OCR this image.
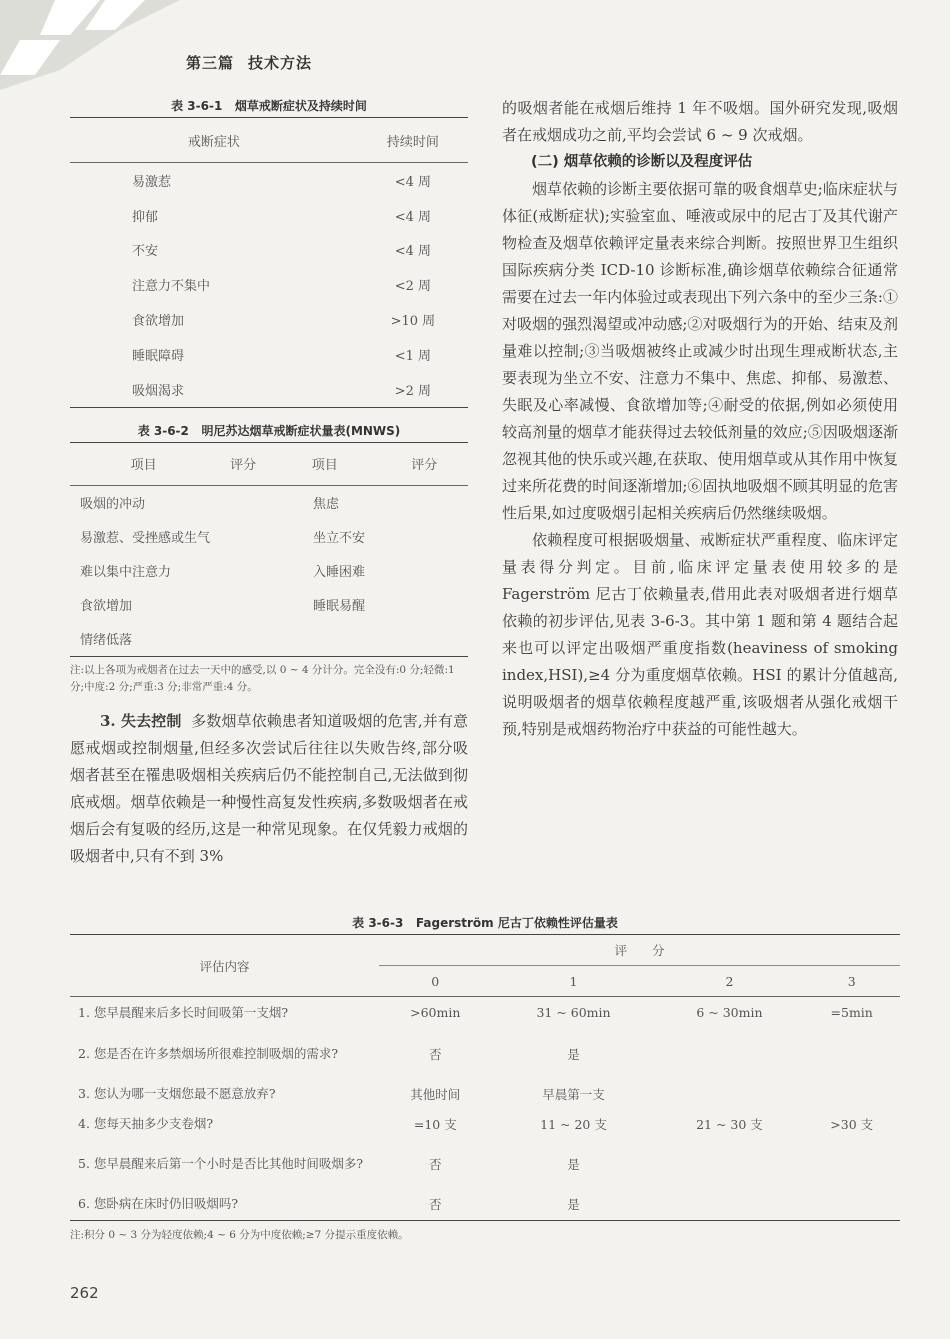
第三篇 技术方法
表 3-6-1 烟草戒断症状及持续时间
戒断症状	持续时间
易激惹	<4 周
抑郁	<4 周
不安	<4 周
注意力不集中	<2 周
食欲增加	>10 周
睡眠障碍	<1 周
吸烟渴求	>2 周
表 3-6-2 明尼苏达烟草戒断症状量表(MNWS)
项目	评分	项目	评分
吸烟的冲动		焦虑	
易激惹、受挫感或生气		坐立不安	
难以集中注意力		入睡困难	
食欲增加		睡眠易醒	
情绪低落			
注:以上各项为戒烟者在过去一天中的感受,以 0 ~ 4 分计分。完全没有:0 分;轻微:1 分;中度:2 分;严重:3 分;非常严重:4 分。

3. 失去控制 多数烟草依赖患者知道吸烟的危害,并有意愿戒烟或控制烟量,但经多次尝试后往往以失败告终,部分吸烟者甚至在罹患吸烟相关疾病后仍不能控制自己,无法做到彻底戒烟。烟草依赖是一种慢性高复发性疾病,多数吸烟者在戒烟后会有复吸的经历,这是一种常见现象。在仅凭毅力戒烟的吸烟者中,只有不到 3%

的吸烟者能在戒烟后维持 1 年不吸烟。国外研究发现,吸烟者在戒烟成功之前,平均会尝试 6 ~ 9 次戒烟。

(二) 烟草依赖的诊断以及程度评估

烟草依赖的诊断主要依据可靠的吸食烟草史;临床症状与体征(戒断症状);实验室血、唾液或尿中的尼古丁及其代谢产物检查及烟草依赖评定量表来综合判断。按照世界卫生组织国际疾病分类 ICD-10 诊断标准,确诊烟草依赖综合征通常需要在过去一年内体验过或表现出下列六条中的至少三条:①对吸烟的强烈渴望或冲动感;②对吸烟行为的开始、结束及剂量难以控制;③当吸烟被终止或减少时出现生理戒断状态,主要表现为坐立不安、注意力不集中、焦虑、抑郁、易激惹、失眠及心率减慢、食欲增加等;④耐受的依据,例如必须使用较高剂量的烟草才能获得过去较低剂量的效应;⑤因吸烟逐渐忽视其他的快乐或兴趣,在获取、使用烟草或从其作用中恢复过来所花费的时间逐渐增加;⑥固执地吸烟不顾其明显的危害性后果,如过度吸烟引起相关疾病后仍然继续吸烟。

依赖程度可根据吸烟量、戒断症状严重程度、临床评定量表得分判定。目前,临床评定量表使用较多的是 Fagerström 尼古丁依赖量表,借用此表对吸烟者进行烟草依赖的初步评估,见表 3-6-3。其中第 1 题和第 4 题结合起来也可以评定出吸烟严重度指数(heaviness of smoking index,HSI),≥4 分为重度烟草依赖。HSI 的累计分值越高,说明吸烟者的烟草依赖程度越严重,该吸烟者从强化戒烟干预,特别是戒烟药物治疗中获益的可能性越大。

表 3-6-3 Fagerström 尼古丁依赖性评估量表
评估内容	评　　分			
	0	1	2	3
1. 您早晨醒来后多长时间吸第一支烟?	>60min	31 ~ 60min	6 ~ 30min	=5min
2. 您是否在许多禁烟场所很难控制吸烟的需求?	否	是		
3. 您认为哪一支烟您最不愿意放弃?	其他时间	早晨第一支		
4. 您每天抽多少支卷烟?	=10 支	11 ~ 20 支	21 ~ 30 支	>30 支
5. 您早晨醒来后第一个小时是否比其他时间吸烟多?	否	是		
6. 您卧病在床时仍旧吸烟吗?	否	是		
注:积分 0 ~ 3 分为轻度依赖;4 ~ 6 分为中度依赖;≥7 分提示重度依赖。
262
